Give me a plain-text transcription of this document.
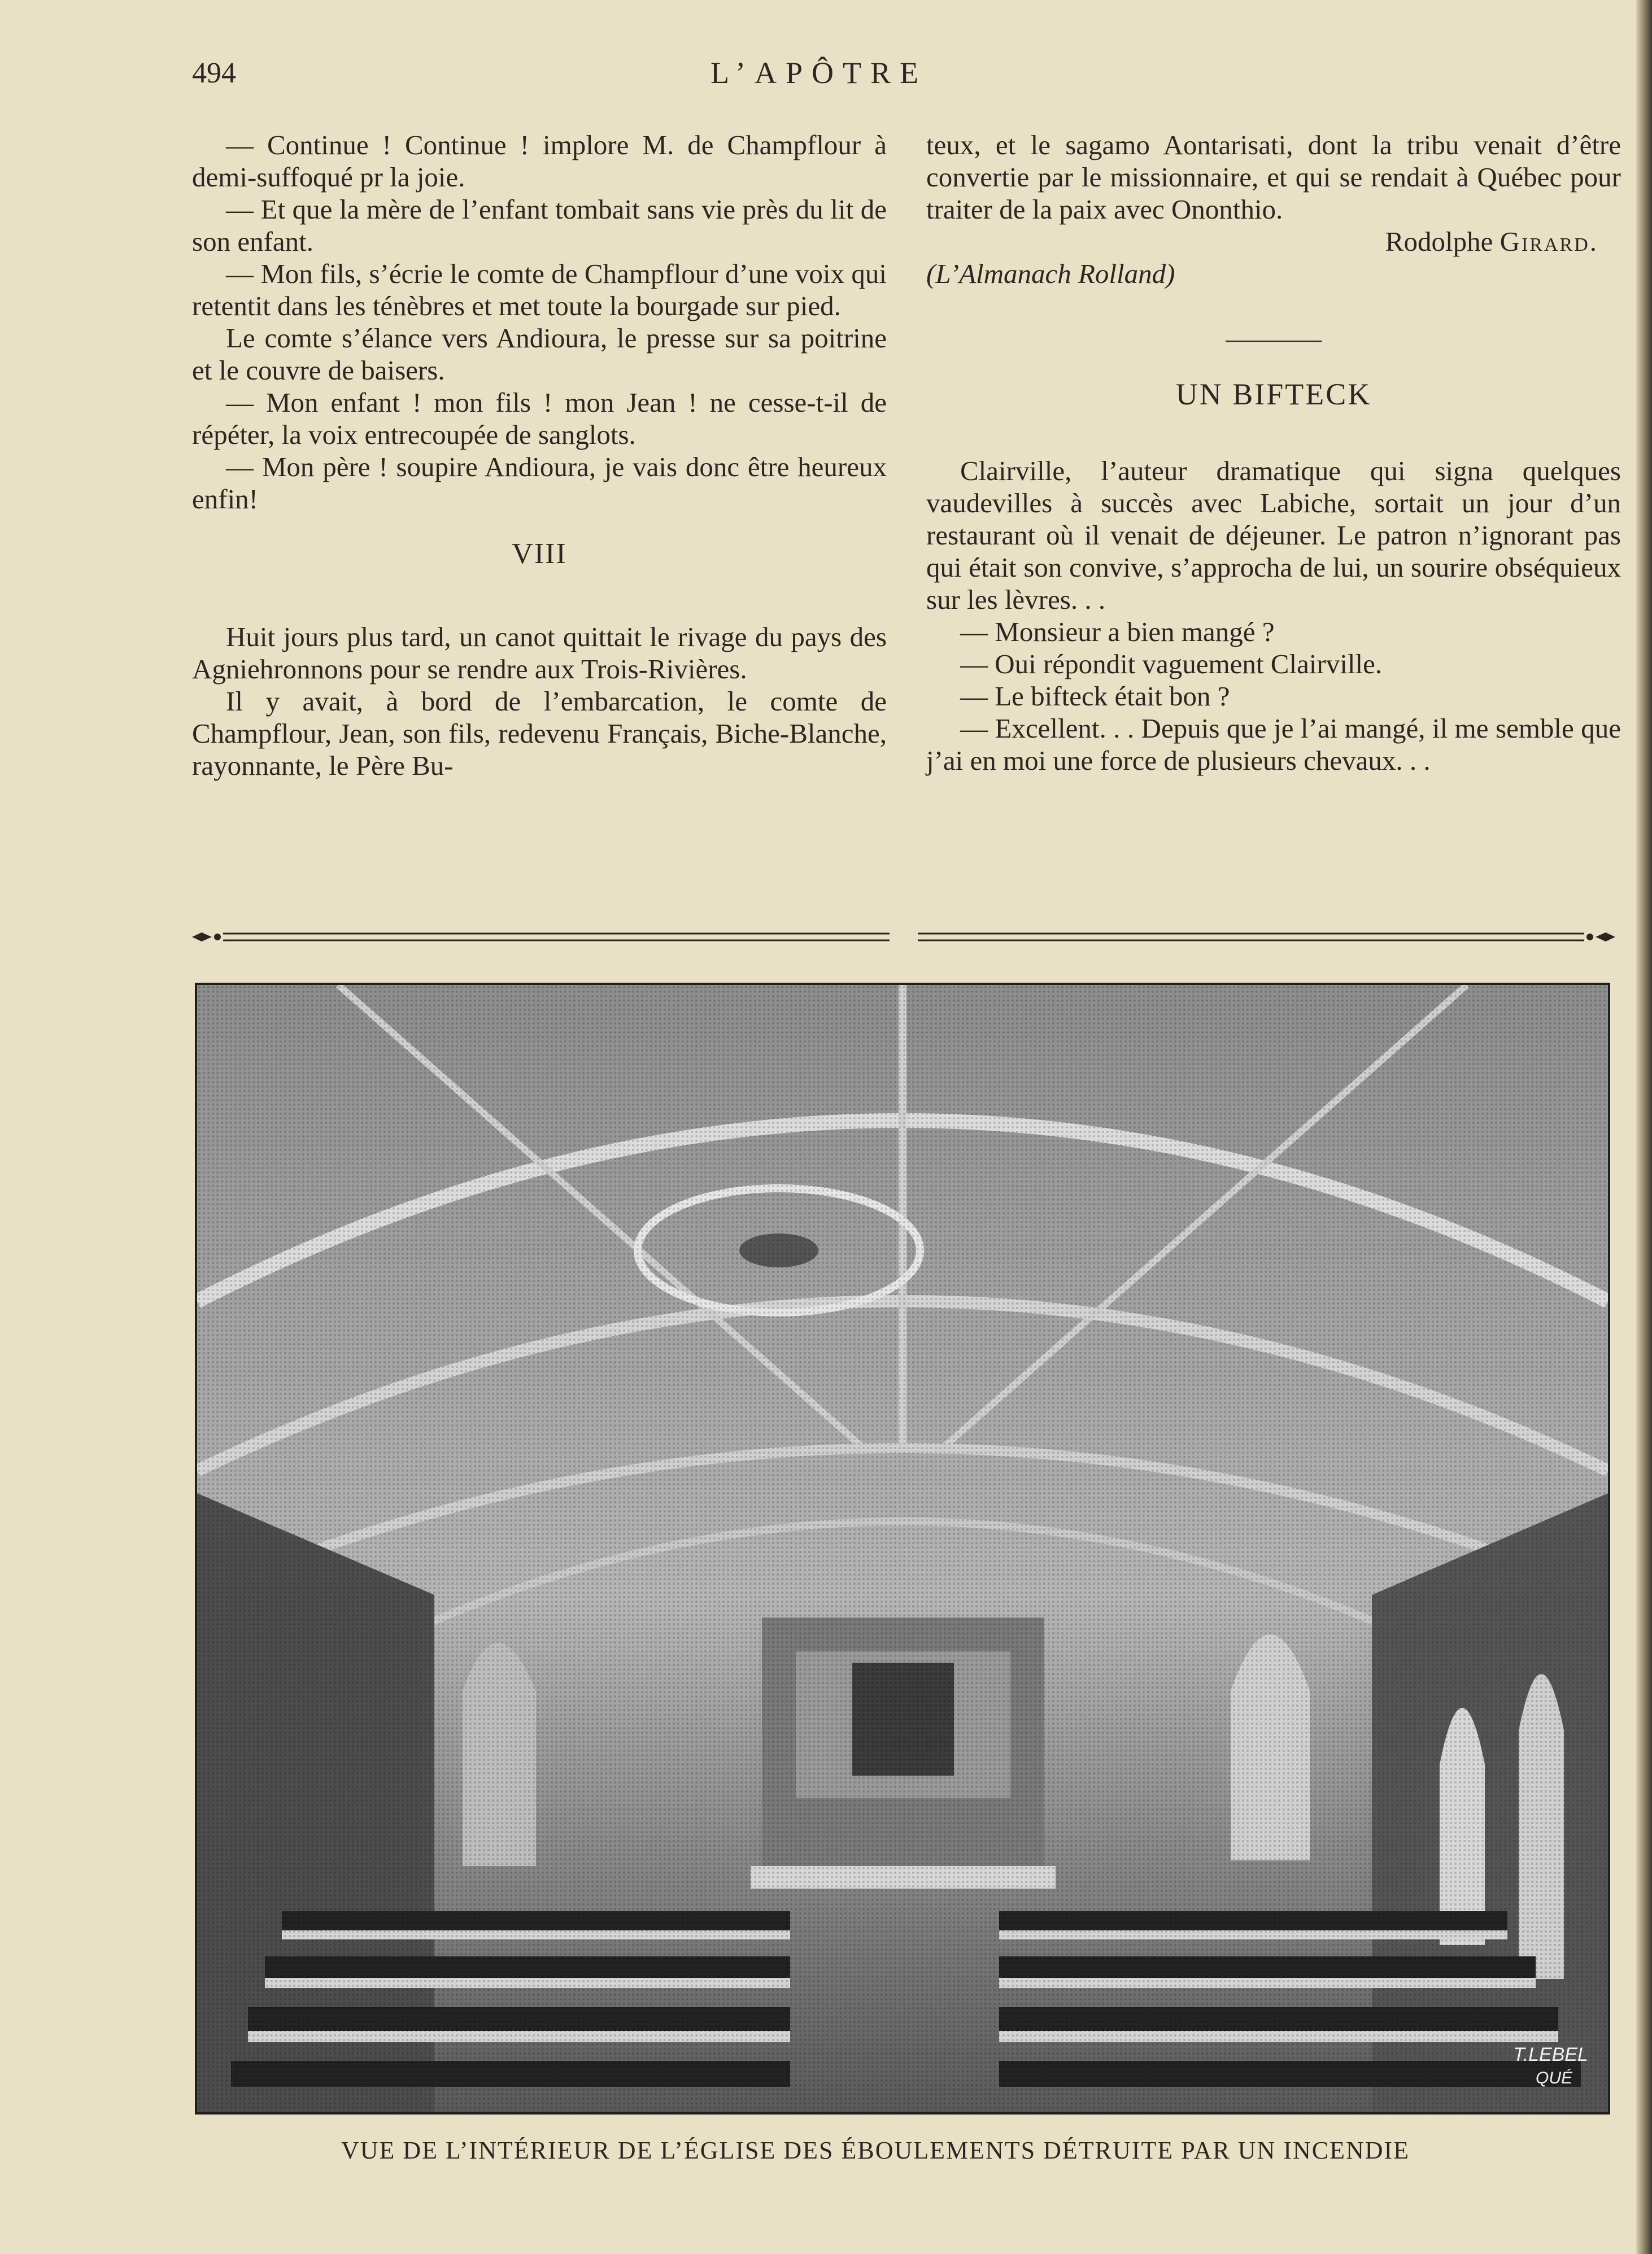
494	L’APÔTRE

— Continue ! Continue ! implore M. de Champflour à demi-suffoqué pr la joie.

— Et que la mère de l’enfant tombait sans vie près du lit de son enfant.

— Mon fils, s’écrie le comte de Champflour d’une voix qui retentit dans les ténèbres et met toute la bourgade sur pied.

Le comte s’élance vers Andioura, le presse sur sa poitrine et le couvre de baisers.

— Mon enfant ! mon fils ! mon Jean ! ne cesse-t-il de répéter, la voix entrecoupée de sanglots.

— Mon père ! soupire Andioura, je vais donc être heureux enfin!

VIII

Huit jours plus tard, un canot quittait le rivage du pays des Agniehronnons pour se rendre aux Trois-Rivières.

Il y avait, à bord de l’embarcation, le comte de Champflour, Jean, son fils, redevenu Français, Biche-Blanche, rayonnante, le Père Bu-

teux, et le sagamo Aontarisati, dont la tribu venait d’être convertie par le missionnaire, et qui se rendait à Québec pour traiter de la paix avec Ononthio.

Rodolphe Girard.

(L’Almanach Rolland)

UN BIFTECK

Clairville, l’auteur dramatique qui signa quelques vaudevilles à succès avec Labiche, sortait un jour d’un restaurant où il venait de déjeuner. Le patron n’ignorant pas qui était son convive, s’approcha de lui, un sourire obséquieux sur les lèvres. . .

— Monsieur a bien mangé ?

— Oui répondit vaguement Clairville.

— Le bifteck était bon ?

— Excellent. . . Depuis que je l’ai mangé, il me semble que j’ai en moi une force de plusieurs chevaux. . .

T.LEBEL
QUÉ

VUE DE L’INTÉRIEUR DE L’ÉGLISE DES ÉBOULEMENTS DÉTRUITE PAR UN INCENDIE
